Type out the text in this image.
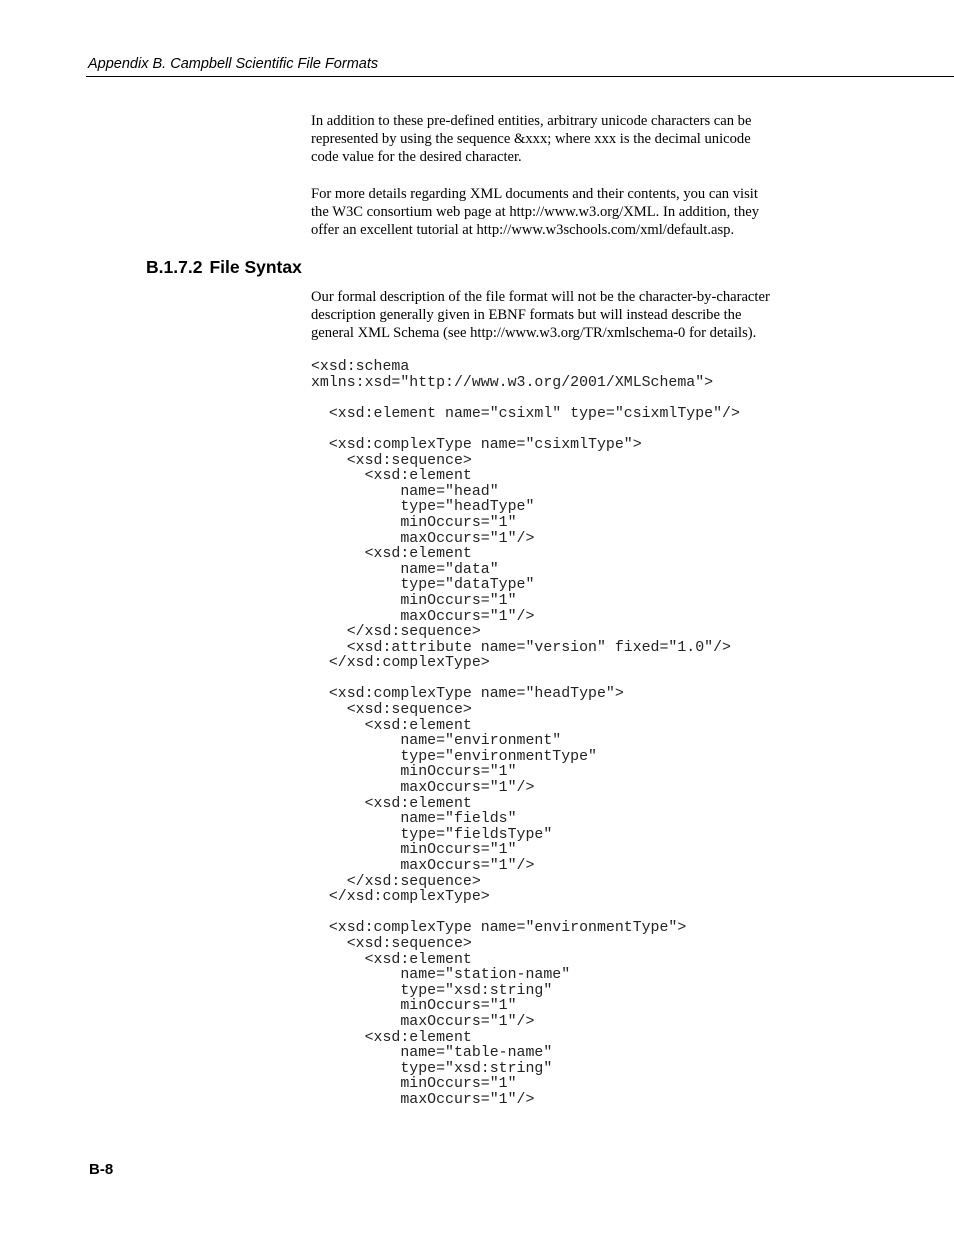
Appendix B. Campbell Scientific File Formats

In addition to these pre-defined entities, arbitrary unicode characters can be
represented by using the sequence &xxx; where xxx is the decimal unicode
code value for the desired character.

For more details regarding XML documents and their contents, you can visit
the W3C consortium web page at http://www.w3.org/XML. In addition, they
offer an excellent tutorial at http://www.w3schools.com/xml/default.asp.

B.1.7.2 File Syntax

Our formal description of the file format will not be the character-by-character
description generally given in EBNF formats but will instead describe the
general XML Schema (see http://www.w3.org/TR/xmlschema-0 for details).

<xsd:schema
xmlns:xsd="http://www.w3.org/2001/XMLSchema">

<xsd:element name="csixml" type="csixmlType"/>

<xsd:complexType name="csixmlType">
<xsd:sequence>
<xsd:element
name="head"
type="headType"
minOccurs="1"
maxOccurs="1"/>
<xsd:element
name="data"
type="dataType"
minOccurs="1"
maxOccurs="1"/>
</xsd:sequence>
<xsd:attribute name="version" fixed="1.0"/>
</xsd:complexType>

<xsd:complexType name="headType">
<xsd:sequence>
<xsd:element
name="environment"
type="environmentType"
minOccurs="1"
maxOccurs="1"/>
<xsd:element
name="fields"
type="fieldsType"
minOccurs="1"
maxOccurs="1"/>
</xsd:sequence>
</xsd:complexType>

<xsd:complexType name="environmentType">
<xsd:sequence>
<xsd:element
name="station-name"
type="xsd:string"
minOccurs="1"
maxOccurs="1"/>
<xsd:element
name="table-name"
type="xsd:string"
minOccurs="1"
maxOccurs="1"/>
B-8
